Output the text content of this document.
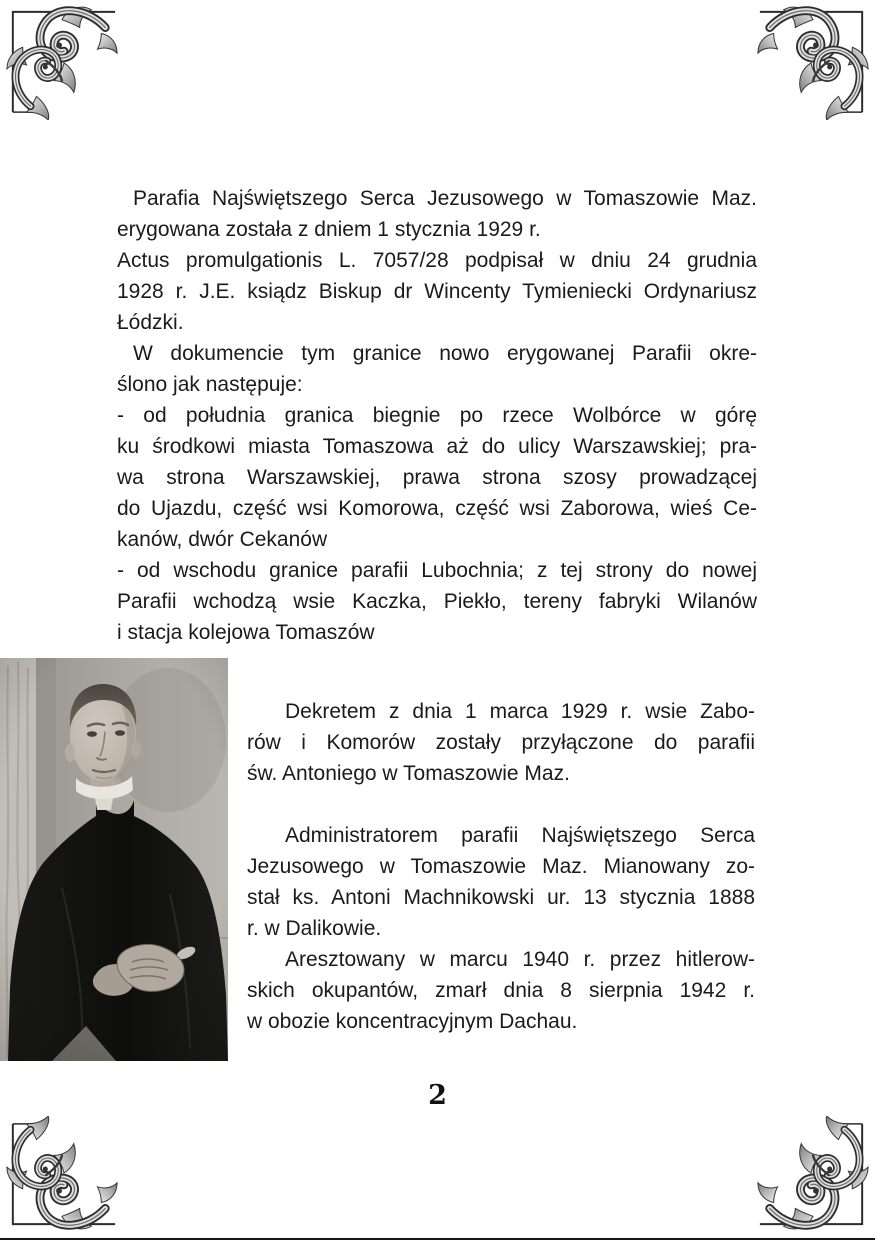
Parafia Najświętszego Serca Jezusowego w Tomaszowie Maz.
erygowana została z dniem 1 stycznia 1929 r.
Actus promulgationis L. 7057/28 podpisał w dniu 24 grudnia
1928 r. J.E. ksiądz Biskup dr Wincenty Tymieniecki Ordynariusz
Łódzki.
W dokumencie tym granice nowo erygowanej Parafii okre-
ślono jak następuje:
- od południa granica biegnie po rzece Wolbórce w górę
ku środkowi miasta Tomaszowa aż do ulicy Warszawskiej; pra-
wa strona Warszawskiej, prawa strona szosy prowadzącej
do Ujazdu, część wsi Komorowa, część wsi Zaborowa, wieś Ce-
kanów, dwór Cekanów
- od wschodu granice parafii Lubochnia; z tej strony do nowej
Parafii wchodzą wsie Kaczka, Piekło, tereny fabryki Wilanów
i stacja kolejowa Tomaszów
Dekretem z dnia 1 marca 1929 r. wsie Zabo-
rów i Komorów zostały przyłączone do parafii
św. Antoniego w Tomaszowie Maz.
Administratorem parafii Najświętszego Serca
Jezusowego w Tomaszowie Maz. Mianowany zo-
stał ks. Antoni Machnikowski ur. 13 stycznia 1888
r. w Dalikowie.
Aresztowany w marcu 1940 r. przez hitlerow-
skich okupantów, zmarł dnia 8 sierpnia 1942 r.
w obozie koncentracyjnym Dachau.
2
